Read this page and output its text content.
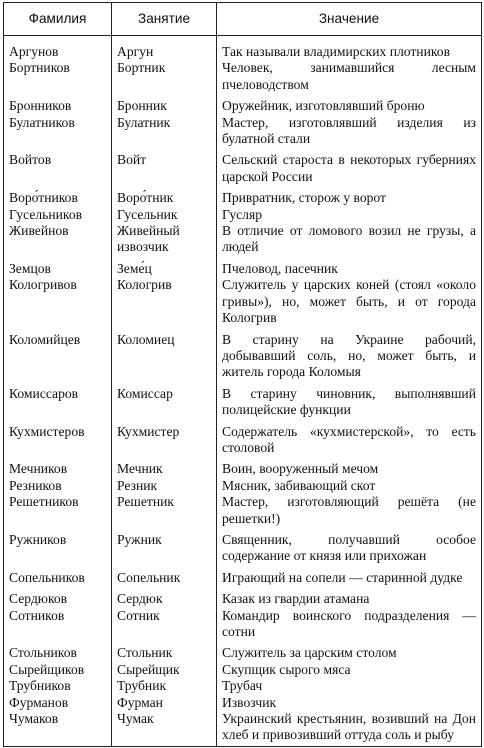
Фамилия	Занятие	Значение
Аргунов	Аргун	Так называли владимирских плотников
Бортников	Бортник	Человек, занимавшийся лесным пчеловодством
Бронников	Бронник	Оружейник, изготовлявший броню
Булатников	Булатник	Мастер, изготовлявший изделия из булатной стали
Войтов	Войт	Сельский староста в некоторых губерниях царской России
Воро́тников	Воро́тник	Привратник, сторож у ворот
Гусельников	Гусельник	Гусляр
Живейнов	Живейный извозчик	В отличие от ломового возил не грузы, а людей
Земцов	Земе́ц	Пчеловод, пасечник
Кологривов	Кологрив	Служитель у царских коней (стоял «около гривы»), но, может быть, и от города Кологрив
Коломийцев	Коломиец	В старину на Украине рабочий, добывавший соль, но, может быть, и житель города Коломыя
Комиссаров	Комиссар	В старину чиновник, выполнявший полицейские функции
Кухмистеров	Кухмистер	Содержатель «кухмистерской», то есть столовой
Мечников	Мечник	Воин, вооруженный мечом
Резников	Резник	Мясник, забивающий скот
Решетников	Решетник	Мастер, изготовляющий решёта (не решетки!)
Ружников	Ружник	Священник, получавший особое содержание от князя или прихожан
Сопельников	Сопельник	Играющий на сопели — старинной дудке
Сердюков	Сердюк	Казак из гвардии атамана
Сотников	Сотник	Командир воинского подразделения — сотни
Стольников	Стольник	Служитель за царским столом
Сырейщиков	Сырейщик	Скупщик сырого мяса
Трубников	Трубник	Трубач
Фурманов	Фурман	Извозчик
Чумаков	Чумак	Украинский крестьянин, возивший на Дон хлеб и привозивший оттуда соль и рыбу
